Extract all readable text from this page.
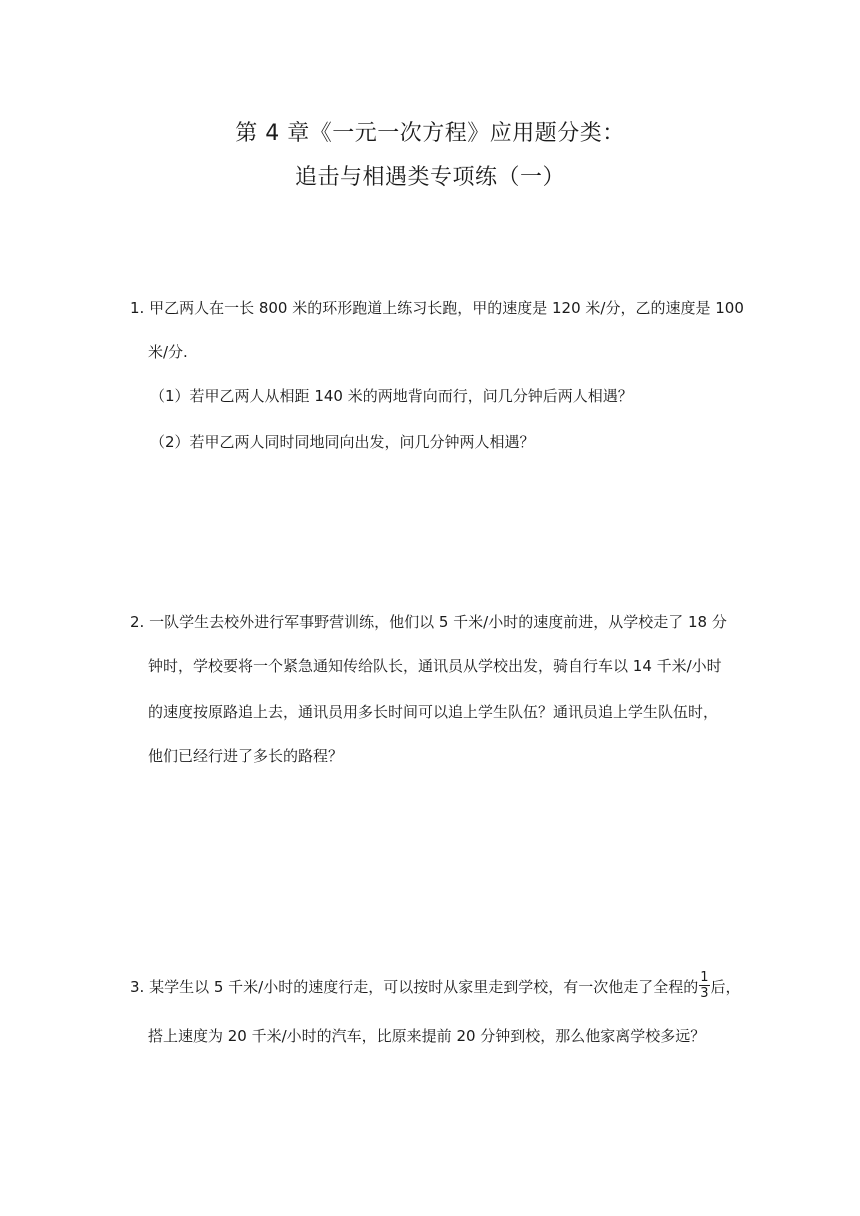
第 4 章《一元一次方程》应用题分类：
追击与相遇类专项练（一）
1. 甲乙两人在一长 800 米的环形跑道上练习长跑，甲的速度是 120 米/分，乙的速度是 100
米/分.
（1）若甲乙两人从相距 140 米的两地背向而行，问几分钟后两人相遇？
（2）若甲乙两人同时同地同向出发，问几分钟两人相遇？
2. 一队学生去校外进行军事野营训练，他们以 5 千米/小时的速度前进，从学校走了 18 分
钟时，学校要将一个紧急通知传给队长，通讯员从学校出发，骑自行车以 14 千米/小时
的速度按原路追上去，通讯员用多长时间可以追上学生队伍？通讯员追上学生队伍时，
他们已经行进了多长的路程？
3. 某学生以 5 千米/小时的速度行走，可以按时从家里走到学校，有一次他走了全程的 $\frac{1}{3}$ 后，
搭上速度为 20 千米/小时的汽车，比原来提前 20 分钟到校，那么他家离学校多远？
